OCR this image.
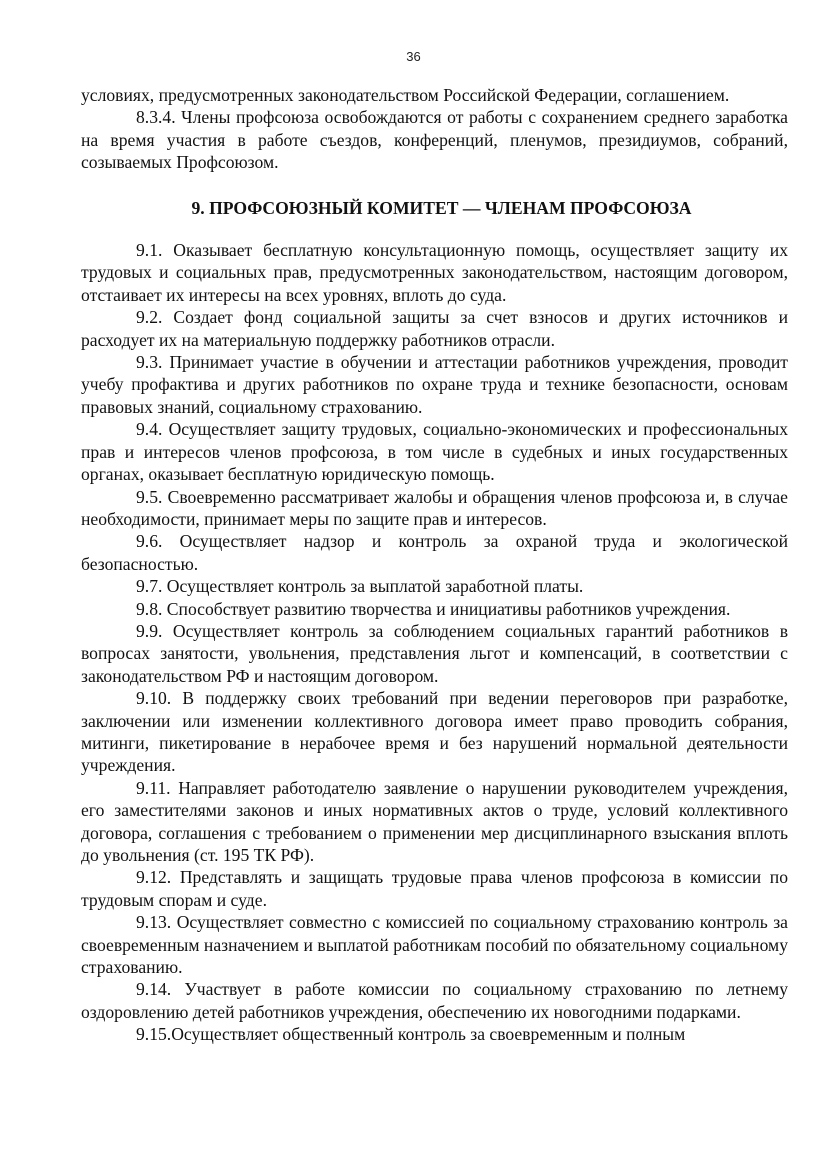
36

условиях, предусмотренных законодательством Российской Федерации, соглашением.

8.3.4. Члены профсоюза освобождаются от работы с сохранением среднего заработка на время участия в работе съездов, конференций, пленумов, президиумов, собраний, созываемых Профсоюзом.

9. ПРОФСОЮЗНЫЙ КОМИТЕТ — ЧЛЕНАМ ПРОФСОЮЗА

9.1. Оказывает бесплатную консультационную помощь, осуществляет защиту их трудовых и социальных прав, предусмотренных законодательством, настоящим договором, отстаивает их интересы на всех уровнях, вплоть до суда.

9.2. Создает фонд социальной защиты за счет взносов и других источников и расходует их на материальную поддержку работников отрасли.

9.3. Принимает участие в обучении и аттестации работников учреждения, проводит учебу профактива и других работников по охране труда и технике безопасности, основам правовых знаний, социальному страхованию.

9.4. Осуществляет защиту трудовых, социально-экономических и профессиональных прав и интересов членов профсоюза, в том числе в судебных и иных государственных органах, оказывает бесплатную юридическую помощь.

9.5. Своевременно рассматривает жалобы и обращения членов профсоюза и, в случае необходимости, принимает меры по защите прав и интересов.

9.6. Осуществляет надзор и контроль за охраной труда и экологической безопасностью.

9.7. Осуществляет контроль за выплатой заработной платы.

9.8. Способствует развитию творчества и инициативы работников учреждения.

9.9. Осуществляет контроль за соблюдением социальных гарантий работников в вопросах занятости, увольнения, представления льгот и компенсаций, в соответствии с законодательством РФ и настоящим договором.

9.10. В поддержку своих требований при ведении переговоров при разработке, заключении или изменении коллективного договора имеет право проводить собрания, митинги, пикетирование в нерабочее время и без нарушений нормальной деятельности учреждения.

9.11. Направляет работодателю заявление о нарушении руководителем учреждения, его заместителями законов и иных нормативных актов о труде, условий коллективного договора, соглашения с требованием о применении мер дисциплинарного взыскания вплоть до увольнения (ст. 195 ТК РФ).

9.12. Представлять и защищать трудовые права членов профсоюза в комиссии по трудовым спорам и суде.

9.13. Осуществляет совместно с комиссией по социальному страхованию контроль за своевременным назначением и выплатой работникам пособий по обязательному социальному страхованию.

9.14. Участвует в работе комиссии по социальному страхованию по летнему оздоровлению детей работников учреждения, обеспечению их новогодними подарками.

9.15.Осуществляет общественный контроль за своевременным и полным
